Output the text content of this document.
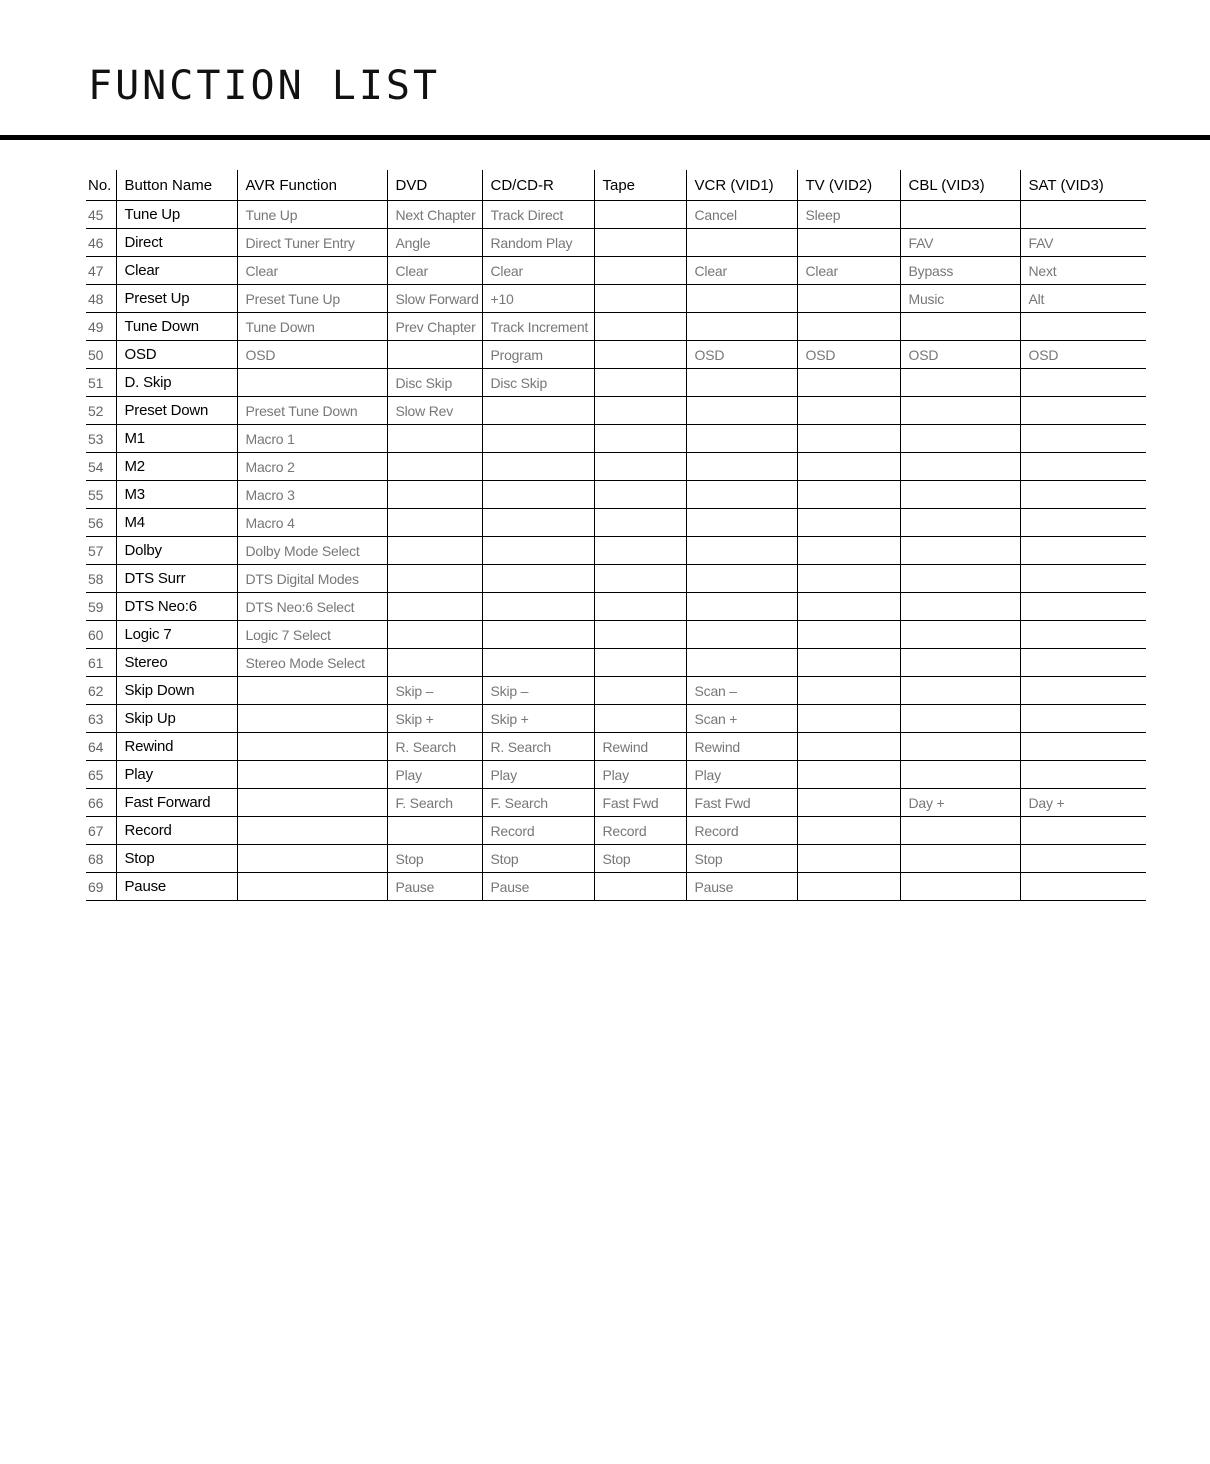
FUNCTION LIST
No.	Button Name	AVR Function	DVD	CD/CD-R	Tape	VCR (VID1)	TV (VID2)	CBL (VID3)	SAT (VID3)
45	Tune Up	Tune Up	Next Chapter	Track Direct		Cancel	Sleep		
46	Direct	Direct Tuner Entry	Angle	Random Play				FAV	FAV
47	Clear	Clear	Clear	Clear		Clear	Clear	Bypass	Next
48	Preset Up	Preset Tune Up	Slow Forward	+10				Music	Alt
49	Tune Down	Tune Down	Prev Chapter	Track Increment					
50	OSD	OSD		Program		OSD	OSD	OSD	OSD
51	D. Skip		Disc Skip	Disc Skip					
52	Preset Down	Preset Tune Down	Slow Rev						
53	M1	Macro 1							
54	M2	Macro 2							
55	M3	Macro 3							
56	M4	Macro 4							
57	Dolby	Dolby Mode Select							
58	DTS Surr	DTS Digital Modes							
59	DTS Neo:6	DTS Neo:6 Select							
60	Logic 7	Logic 7 Select							
61	Stereo	Stereo Mode Select							
62	Skip Down		Skip –	Skip –		Scan –			
63	Skip Up		Skip +	Skip +		Scan +			
64	Rewind		R. Search	R. Search	Rewind	Rewind			
65	Play		Play	Play	Play	Play			
66	Fast Forward		F. Search	F. Search	Fast Fwd	Fast Fwd		Day +	Day +
67	Record			Record	Record	Record			
68	Stop		Stop	Stop	Stop	Stop			
69	Pause		Pause	Pause		Pause			
